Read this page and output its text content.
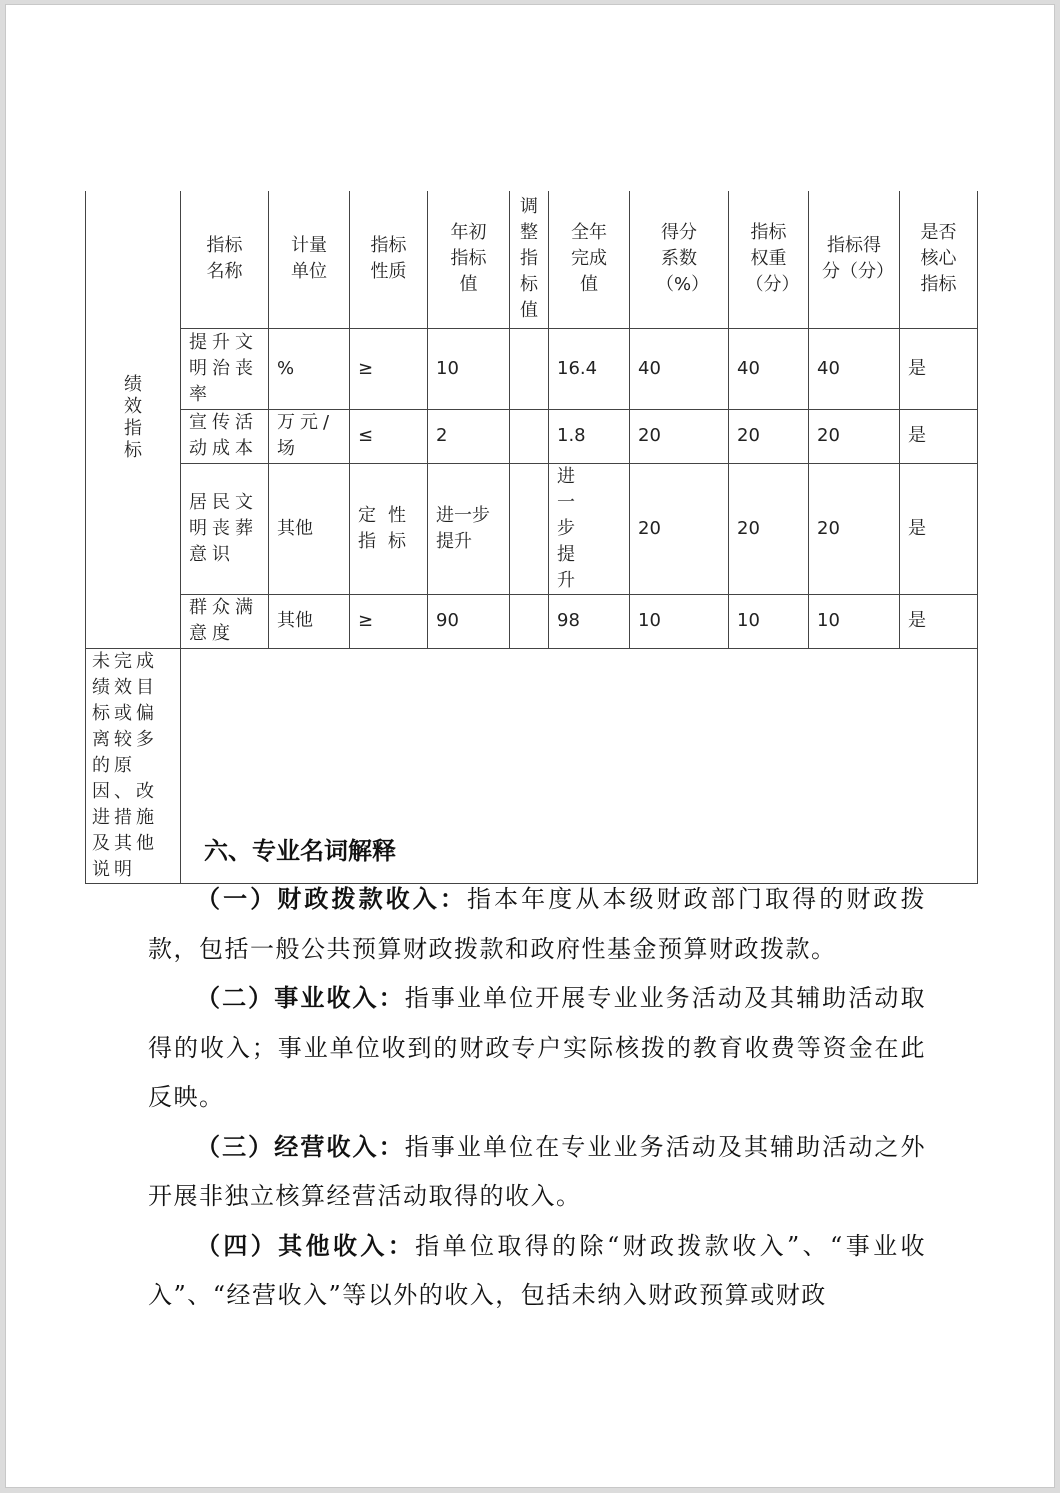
绩效指标	指标名称	计量单位	指标性质	年初指标值	调整指标值	全年完成值	得分系数（%）	指标权重（分）	指标得分（分）	是否核心指标

	提升文明治丧率	%	≥	10		16.4	40	40	40	是
	宣传活动成本	万元/场	≤	2		1.8	20	20	20	是
	居民文明丧葬意识	其他	定性指标	进一步提升		进一步提升	20	20	20	是
	群众满意度	其他	≥	90		98	10	10	10	是
未完成绩效目标或偏离较多的原因、改进措施及其他说明										
六、专业名词解释

（一）财政拨款收入：指本年度从本级财政部门取得的财政拨款，包括一般公共预算财政拨款和政府性基金预算财政拨款。

（二）事业收入：指事业单位开展专业业务活动及其辅助活动取得的收入；事业单位收到的财政专户实际核拨的教育收费等资金在此反映。

（三）经营收入：指事业单位在专业业务活动及其辅助活动之外开展非独立核算经营活动取得的收入。

（四）其他收入：指单位取得的除“财政拨款收入”、“事业收入”、“经营收入”等以外的收入，包括未纳入财政预算或财政
